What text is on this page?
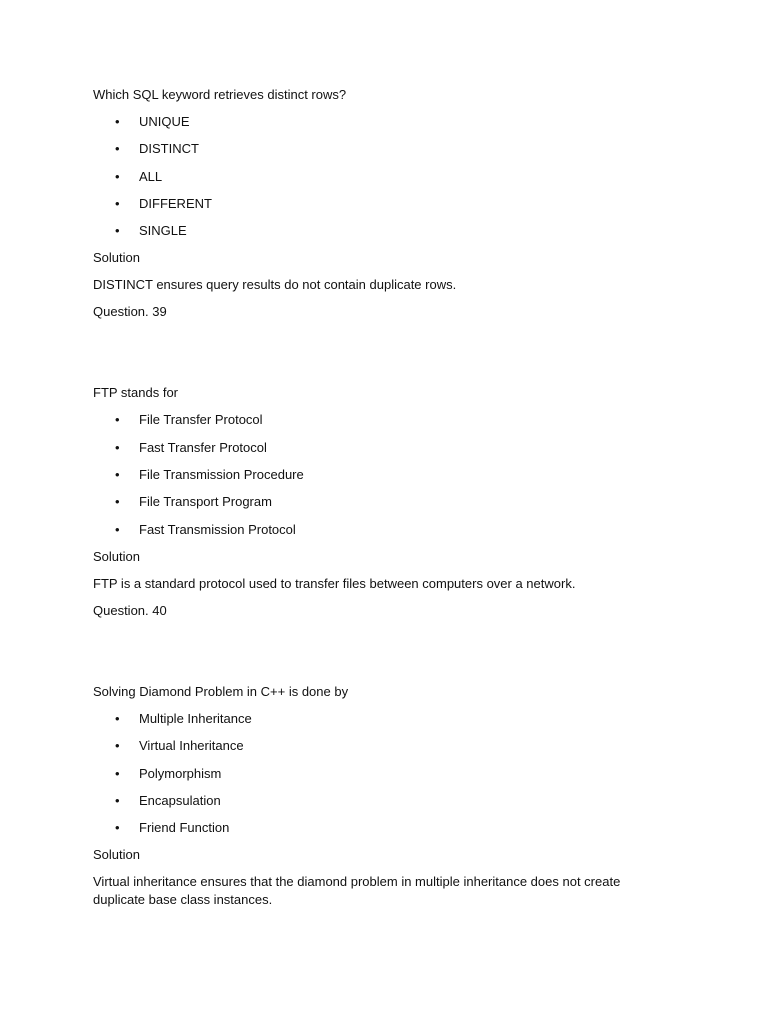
Which SQL keyword retrieves distinct rows?

• UNIQUE
• DISTINCT
• ALL
• DIFFERENT
• SINGLE

Solution

DISTINCT ensures query results do not contain duplicate rows.

Question. 39

FTP stands for

• File Transfer Protocol
• Fast Transfer Protocol
• File Transmission Procedure
• File Transport Program
• Fast Transmission Protocol

Solution

FTP is a standard protocol used to transfer files between computers over a network.

Question. 40

Solving Diamond Problem in C++ is done by

• Multiple Inheritance
• Virtual Inheritance
• Polymorphism
• Encapsulation
• Friend Function

Solution

Virtual inheritance ensures that the diamond problem in multiple inheritance does not create duplicate base class instances.
